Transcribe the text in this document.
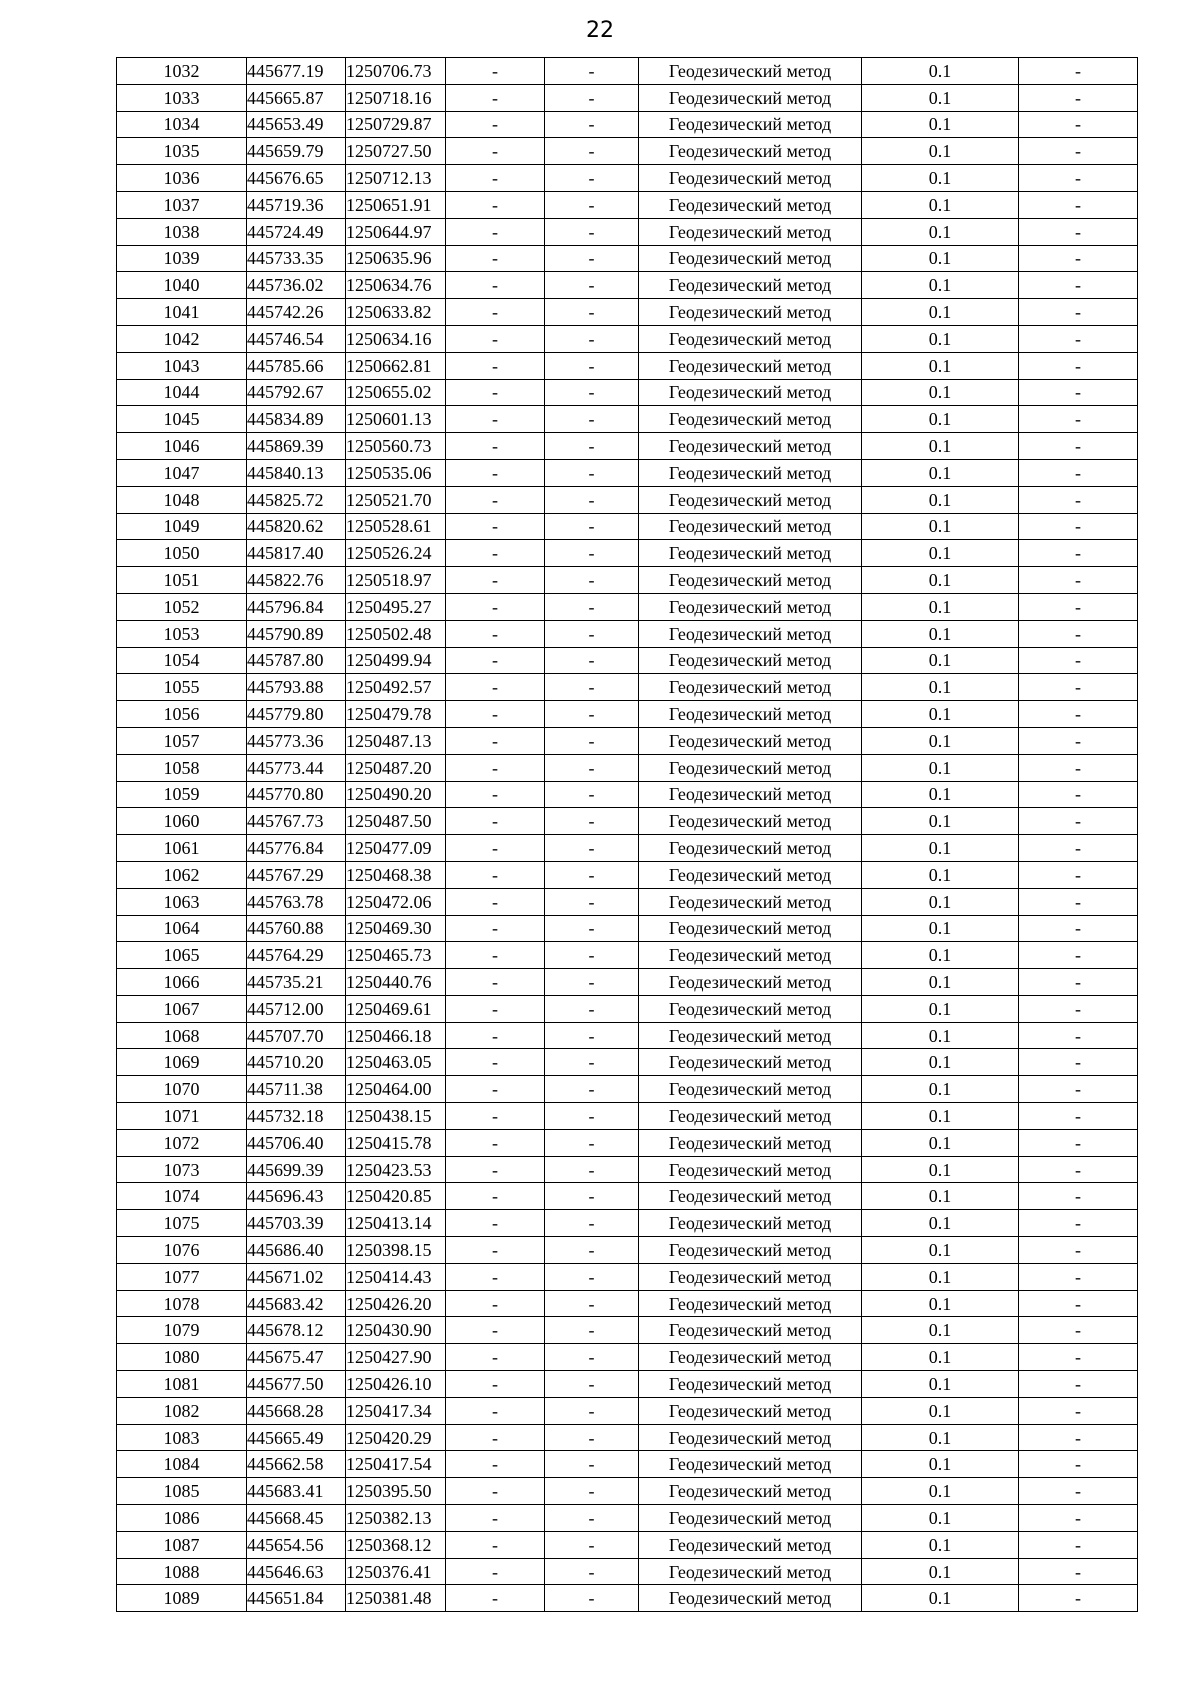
22
1032	445677.19	1250706.73	-	-	Геодезический метод	0.1	-
1033	445665.87	1250718.16	-	-	Геодезический метод	0.1	-
1034	445653.49	1250729.87	-	-	Геодезический метод	0.1	-
1035	445659.79	1250727.50	-	-	Геодезический метод	0.1	-
1036	445676.65	1250712.13	-	-	Геодезический метод	0.1	-
1037	445719.36	1250651.91	-	-	Геодезический метод	0.1	-
1038	445724.49	1250644.97	-	-	Геодезический метод	0.1	-
1039	445733.35	1250635.96	-	-	Геодезический метод	0.1	-
1040	445736.02	1250634.76	-	-	Геодезический метод	0.1	-
1041	445742.26	1250633.82	-	-	Геодезический метод	0.1	-
1042	445746.54	1250634.16	-	-	Геодезический метод	0.1	-
1043	445785.66	1250662.81	-	-	Геодезический метод	0.1	-
1044	445792.67	1250655.02	-	-	Геодезический метод	0.1	-
1045	445834.89	1250601.13	-	-	Геодезический метод	0.1	-
1046	445869.39	1250560.73	-	-	Геодезический метод	0.1	-
1047	445840.13	1250535.06	-	-	Геодезический метод	0.1	-
1048	445825.72	1250521.70	-	-	Геодезический метод	0.1	-
1049	445820.62	1250528.61	-	-	Геодезический метод	0.1	-
1050	445817.40	1250526.24	-	-	Геодезический метод	0.1	-
1051	445822.76	1250518.97	-	-	Геодезический метод	0.1	-
1052	445796.84	1250495.27	-	-	Геодезический метод	0.1	-
1053	445790.89	1250502.48	-	-	Геодезический метод	0.1	-
1054	445787.80	1250499.94	-	-	Геодезический метод	0.1	-
1055	445793.88	1250492.57	-	-	Геодезический метод	0.1	-
1056	445779.80	1250479.78	-	-	Геодезический метод	0.1	-
1057	445773.36	1250487.13	-	-	Геодезический метод	0.1	-
1058	445773.44	1250487.20	-	-	Геодезический метод	0.1	-
1059	445770.80	1250490.20	-	-	Геодезический метод	0.1	-
1060	445767.73	1250487.50	-	-	Геодезический метод	0.1	-
1061	445776.84	1250477.09	-	-	Геодезический метод	0.1	-
1062	445767.29	1250468.38	-	-	Геодезический метод	0.1	-
1063	445763.78	1250472.06	-	-	Геодезический метод	0.1	-
1064	445760.88	1250469.30	-	-	Геодезический метод	0.1	-
1065	445764.29	1250465.73	-	-	Геодезический метод	0.1	-
1066	445735.21	1250440.76	-	-	Геодезический метод	0.1	-
1067	445712.00	1250469.61	-	-	Геодезический метод	0.1	-
1068	445707.70	1250466.18	-	-	Геодезический метод	0.1	-
1069	445710.20	1250463.05	-	-	Геодезический метод	0.1	-
1070	445711.38	1250464.00	-	-	Геодезический метод	0.1	-
1071	445732.18	1250438.15	-	-	Геодезический метод	0.1	-
1072	445706.40	1250415.78	-	-	Геодезический метод	0.1	-
1073	445699.39	1250423.53	-	-	Геодезический метод	0.1	-
1074	445696.43	1250420.85	-	-	Геодезический метод	0.1	-
1075	445703.39	1250413.14	-	-	Геодезический метод	0.1	-
1076	445686.40	1250398.15	-	-	Геодезический метод	0.1	-
1077	445671.02	1250414.43	-	-	Геодезический метод	0.1	-
1078	445683.42	1250426.20	-	-	Геодезический метод	0.1	-
1079	445678.12	1250430.90	-	-	Геодезический метод	0.1	-
1080	445675.47	1250427.90	-	-	Геодезический метод	0.1	-
1081	445677.50	1250426.10	-	-	Геодезический метод	0.1	-
1082	445668.28	1250417.34	-	-	Геодезический метод	0.1	-
1083	445665.49	1250420.29	-	-	Геодезический метод	0.1	-
1084	445662.58	1250417.54	-	-	Геодезический метод	0.1	-
1085	445683.41	1250395.50	-	-	Геодезический метод	0.1	-
1086	445668.45	1250382.13	-	-	Геодезический метод	0.1	-
1087	445654.56	1250368.12	-	-	Геодезический метод	0.1	-
1088	445646.63	1250376.41	-	-	Геодезический метод	0.1	-
1089	445651.84	1250381.48	-	-	Геодезический метод	0.1	-
